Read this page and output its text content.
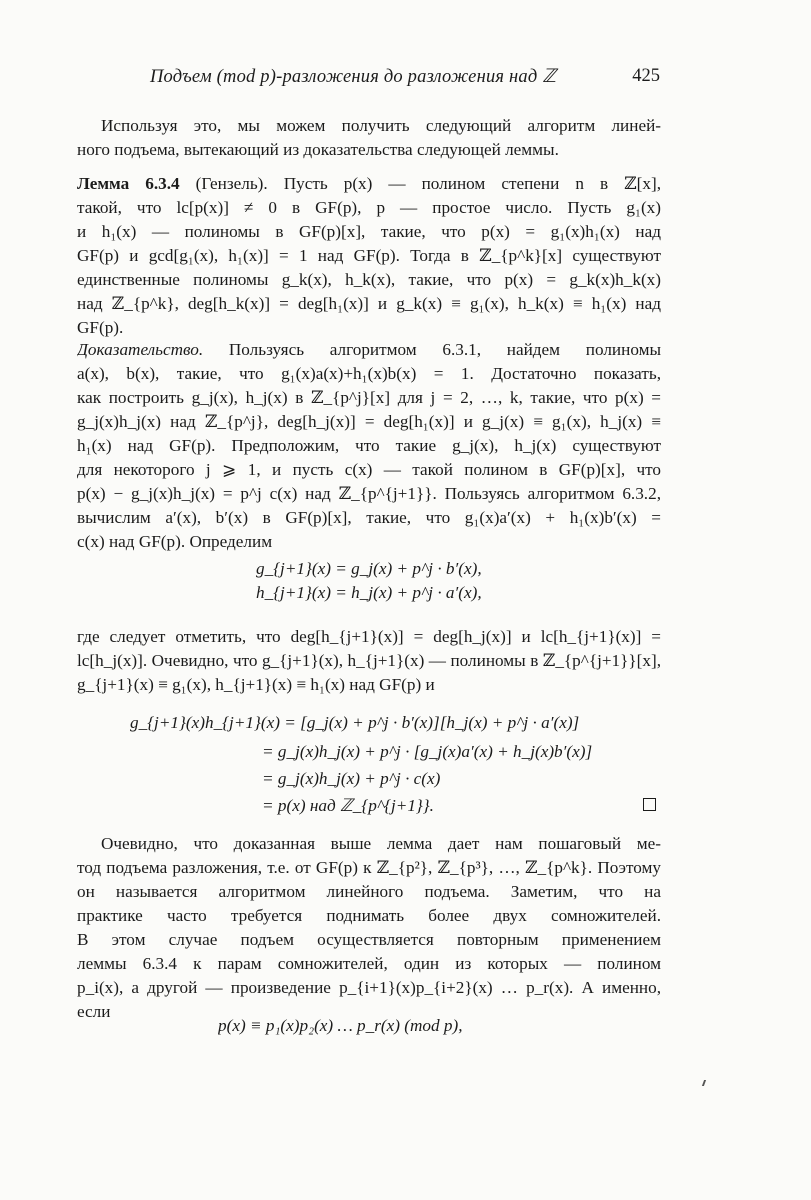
Подъем (mod p)-разложения до разложения над ℤ	425
Используя это, мы можем получить следующий алгоритм линей-
ного подъема, вытекающий из доказательства следующей леммы.
Лемма 6.3.4 (Гензель). Пусть p(x) — полином степени n в ℤ[x],
такой, что lc[p(x)] ≠ 0 в GF(p), p — простое число. Пусть g₁(x)
и h₁(x) — полиномы в GF(p)[x], такие, что p(x) = g₁(x)h₁(x) над
GF(p) и gcd[g₁(x), h₁(x)] = 1 над GF(p). Тогда в ℤ_{p^k}[x] существуют
единственные полиномы g_k(x), h_k(x), такие, что p(x) = g_k(x)h_k(x)
над ℤ_{p^k}, deg[h_k(x)] = deg[h₁(x)] и g_k(x) ≡ g₁(x), h_k(x) ≡ h₁(x) над
GF(p).
Доказательство. Пользуясь алгоритмом 6.3.1, найдем полиномы
a(x), b(x), такие, что g₁(x)a(x)+h₁(x)b(x) = 1. Достаточно показать,
как построить g_j(x), h_j(x) в ℤ_{p^j}[x] для j = 2, …, k, такие, что p(x) =
g_j(x)h_j(x) над ℤ_{p^j}, deg[h_j(x)] = deg[h₁(x)] и g_j(x) ≡ g₁(x), h_j(x) ≡
h₁(x) над GF(p). Предположим, что такие g_j(x), h_j(x) существуют
для некоторого j ⩾ 1, и пусть c(x) — такой полином в GF(p)[x], что
p(x) − g_j(x)h_j(x) = p^j c(x) над ℤ_{p^{j+1}}. Пользуясь алгоритмом 6.3.2,
вычислим a′(x), b′(x) в GF(p)[x], такие, что g₁(x)a′(x) + h₁(x)b′(x) =
c(x) над GF(p). Определим
g_{j+1}(x) = g_j(x) + p^j · b′(x),
h_{j+1}(x) = h_j(x) + p^j · a′(x),
где следует отметить, что deg[h_{j+1}(x)] = deg[h_j(x)] и lc[h_{j+1}(x)] =
lc[h_j(x)]. Очевидно, что g_{j+1}(x), h_{j+1}(x) — полиномы в ℤ_{p^{j+1}}[x],
g_{j+1}(x) ≡ g₁(x), h_{j+1}(x) ≡ h₁(x) над GF(p) и
g_{j+1}(x)h_{j+1}(x) = [g_j(x) + p^j · b′(x)][h_j(x) + p^j · a′(x)]
= g_j(x)h_j(x) + p^j · [g_j(x)a′(x) + h_j(x)b′(x)]
= g_j(x)h_j(x) + p^j · c(x)
= p(x) над ℤ_{p^{j+1}}.
Очевидно, что доказанная выше лемма дает нам пошаговый ме-
тод подъема разложения, т.е. от GF(p) к ℤ_{p²}, ℤ_{p³}, …, ℤ_{p^k}. Поэтому
он называется алгоритмом линейного подъема. Заметим, что на
практике часто требуется поднимать более двух сомножителей.
В этом случае подъем осуществляется повторным применением
леммы 6.3.4 к парам сомножителей, один из которых — полином
p_i(x), а другой — произведение p_{i+1}(x)p_{i+2}(x) … p_r(x). А именно,
если
p(x) ≡ p₁(x)p₂(x) … p_r(x) (mod p),
